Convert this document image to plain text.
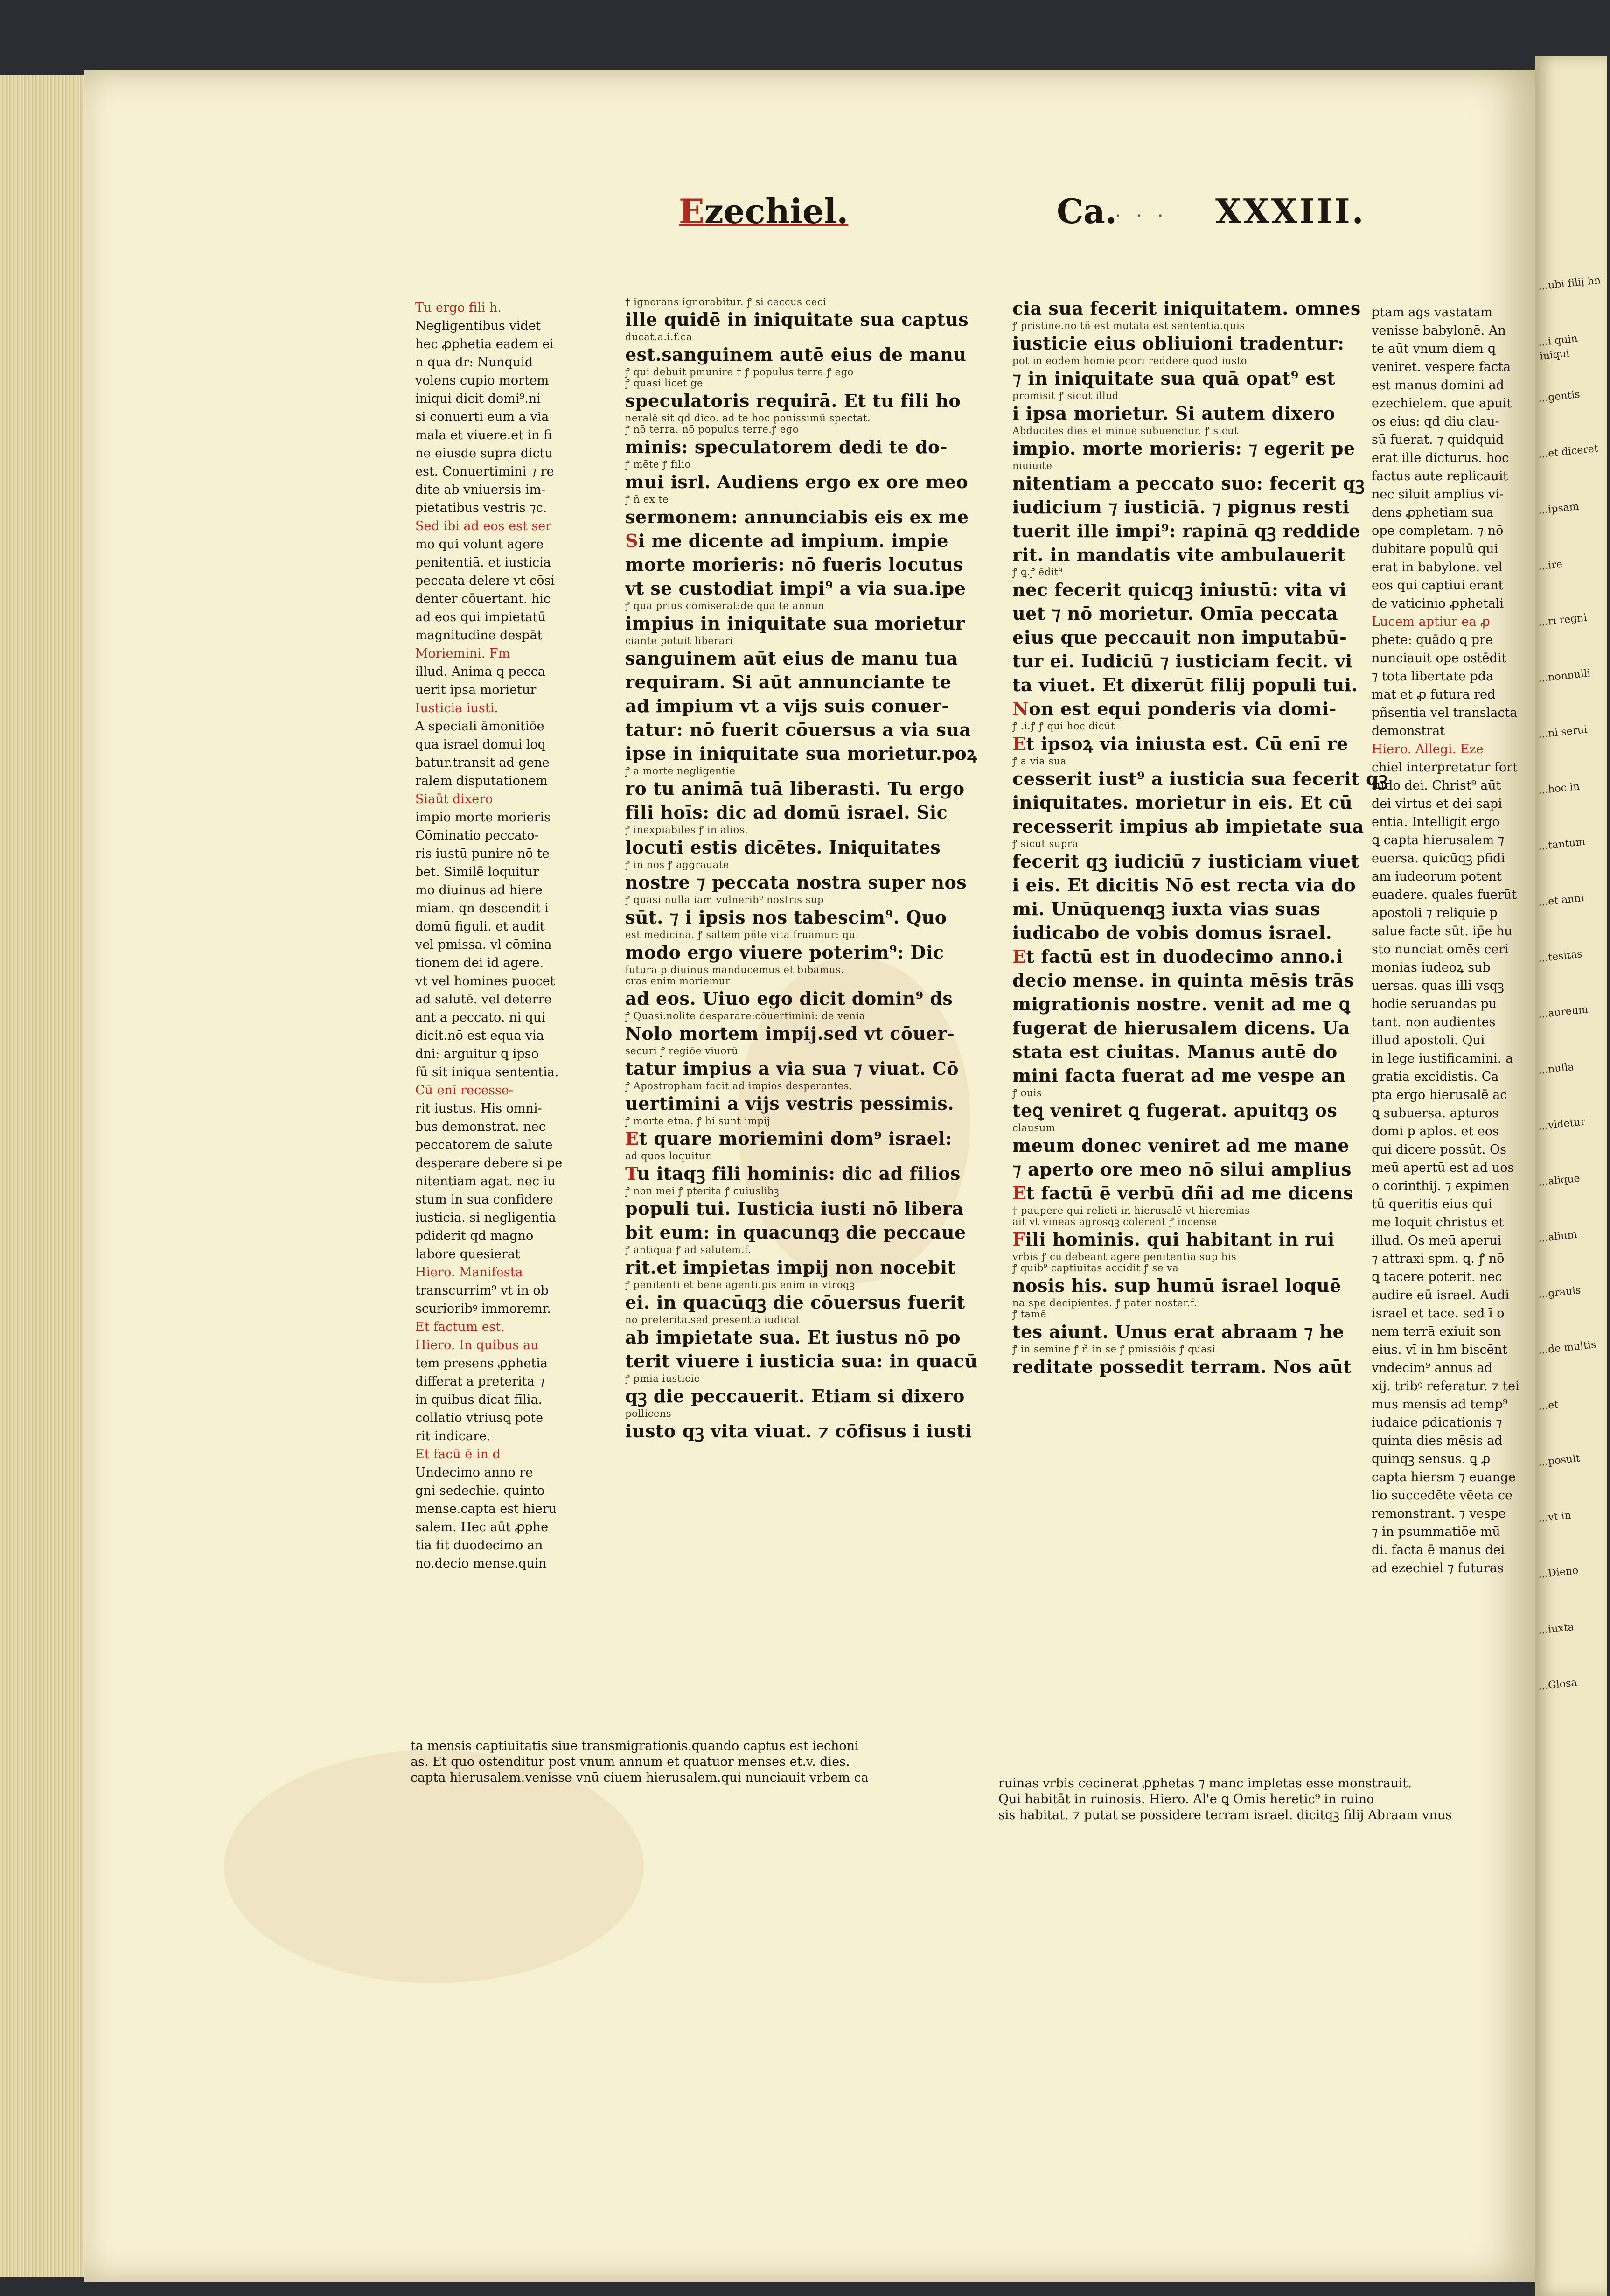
...ubi filij hn
...i quin iniqui
...gentis
...et diceret
...ipsam
...ire
...ri regni
...nonnulli
...ni serui
...hoc in
...tantum
...et anni
...tesitas
...aureum
...nulla
...videtur
...alique
...alium
...grauis
...de multis
...et
...posuit
...vt in
...Dieno
...iuxta
...Glosa
Ezechiel.	Ca.
· · · XXXIII.
Tu ergo fili h.
Negligentibus videt
hec ꝓphetia eadem ei
n qua dr: Nunquid
volens cupio mortem
iniqui dicit domi⁹.ni
si conuerti eum a via
mala et viuere.et in fi
ne eiusde supra dictu
est. Conuertimini ⁊ re
dite ab vniuersis im-
pietatibus vestris ⁊c.
Sed ibi ad eos est ser
mo qui volunt agere
penitentiā. et iusticia
peccata delere vt cōsi
denter cōuertant. hic
ad eos qui impietatū
magnitudine despāt
Moriemini. Fm
illud. Anima ꝗ pecca
uerit ipsa morietur
Iusticia iusti.
A speciali āmonitiōe
qua israel domui loq
batur.transit ad gene
ralem disputationem
Siaūt dixero
impio morte morieris
Cōminatio peccato-
ris iustū punire nō te
bet. Similē loquitur
mo diuinus ad hiere
miam. qn descendit i
domū figuli. et audit
vel pmissa. vl cōmina
tionem dei id agere.
vt vel homines puocet
ad salutē. vel deterre
ant a peccato. ni qui
dicit.nō est equa via
dni: arguitur ꝗ ipso
fū sit iniqua sententia.
Cū enī recesse-
rit iustus. His omni-
bus demonstrat. nec
peccatorem de salute
desperare debere si pe
nitentiam agat. nec iu
stum in sua confidere
iusticia. si negligentia
pdiderit qd magno
labore quesierat
Hiero. Manifesta
transcurrim⁹ vt in ob
scurioribꝰ immoremr.
Et factum est.
Hiero. In quibus au
tem presens ꝓphetia
differat a preterita ⁊
in quibus dicat fīlia.
collatio vtriusꝗ pote
rit indicare.
Et facū ē in d
Undecimo anno re
gni sedechie. quinto
mense.capta est hieru
salem. Hec aūt ꝓphe
tia fit duodecimo an
no.decio mense.quin
† ignorans ignorabitur. ꝭ si ceccus ceci
ille quidē in iniquitate sua captus
ducat.a.i.f.ca
est.sanguinem autē eius de manu
ꝭ qui debuit pmunire † ꝭ populus terre ꝭ ego
ꝭ quasi licet ge
speculatoris requirā. Et tu fili ho
neralē sit qd dico. ad te hoc ponissimū spectat.
ꝭ nō terra. nō populus terre.ꝭ ego
minis: speculatorem dedi te do-
ꝭ mēte ꝭ filio
mui isrl. Audiens ergo ex ore meo
ꝭ ñ ex te
sermonem: annunciabis eis ex me
Si me dicente ad impium. impie
morte morieris: nō fueris locutus
vt se custodiat impi⁹ a via sua.ipe
ꝭ quā prius cōmiserat:de qua te annun
impius in iniquitate sua morietur
ciante potuit liberari
sanguinem aūt eius de manu tua
requiram. Si aūt annunciante te
ad impium vt a vijs suis conuer-
tatur: nō fuerit cōuersus a via sua
ipse in iniquitate sua morietur.poꝝ
ꝭ a morte negligentie
ro tu animā tuā liberasti. Tu ergo
fili hoīs: dic ad domū israel. Sic
ꝭ inexpiabiles ꝭ in alios.
locuti estis dicētes. Iniquitates
ꝭ in nos ꝭ aggrauate
nostre ⁊ peccata nostra super nos
ꝭ quasi nulla iam vulnerib⁹ nostris sup
sūt. ⁊ i ipsis nos tabescim⁹. Quo
est medicina. ꝭ saltem pñte vita fruamur: qui
modo ergo viuere poterim⁹: Dic
futurā p diuinus manducemus et bibamus.
cras enim moriemur
ad eos. Uiuo ego dicit domin⁹ ds
ꝭ Quasi.nolite desparare:cōuertimini: de venia
Nolo mortem impij.sed vt cōuer-
securi ꝭ regiōe viuorū
tatur impius a via sua ⁊ viuat. Cō
ꝭ Apostropham facit ad impios desperantes.
uertimini a vijs vestris pessimis.
ꝭ morte etna. ꝭ hi sunt impij
Et quare moriemini dom⁹ israel:
ad quos loquitur.
Tu itaqꝫ fili hominis: dic ad filios
ꝭ non mei ꝭ pterita ꝭ cuiuslibꝫ
populi tui. Iusticia iusti nō libera
bit eum: in quacunqꝫ die peccaue
ꝭ antiqua ꝭ ad salutem.f.
rit.et impietas impij non nocebit
ꝭ penitenti et bene agenti.pis enim in vtroqꝫ
ei. in quacūqꝫ die cōuersus fuerit
nō preterita.sed presentia iudicat
ab impietate sua. Et iustus nō po
terit viuere i iusticia sua: in quacū
ꝭ pmia iusticie
qꝫ die peccauerit. Etiam si dixero
pollicens
iusto qꝫ vita viuat. ⁊ cōfisus i iusti
cia sua fecerit iniquitatem. omnes
ꝭ pristine.nō tñ est mutata est sententia.quis
iusticie eius obliuioni tradentur:
pōt in eodem homie pcōri reddere quod iusto
⁊ in iniquitate sua quā opat⁹ est
promisit ꝭ sicut illud
i ipsa morietur. Si autem dixero
Abducites dies et minue subuenctur. ꝭ sicut
impio. morte morieris: ⁊ egerit pe
niuiuite
nitentiam a peccato suo: fecerit qꝫ
iudicium ⁊ iusticiā. ⁊ pignus resti
tuerit ille impi⁹: rapinā qꝫ reddide
rit. in mandatis vite ambulauerit
ꝭ ꝗ.ꝭ ēdit⁹
nec fecerit quicqꝫ iniustū: vita vi
uet ⁊ nō morietur. Omīa peccata
eius que peccauit non imputabū-
tur ei. Iudiciū ⁊ iusticiam fecit. vi
ta viuet. Et dixerūt filij populi tui.
Non est equi ponderis via domi-
ꝭ .i.ꝭ ꝭ qui hoc dicūt
Et ipsoꝝ via iniusta est. Cū enī re
ꝭ a via sua
cesserit iust⁹ a iusticia sua fecerit qꝫ
iniquitates. morietur in eis. Et cū
recesserit impius ab impietate sua
ꝭ sicut supra
fecerit qꝫ iudiciū ⁊ iusticiam viuet
i eis. Et dicitis Nō est recta via do
mi. Unūquenqꝫ iuxta vias suas
iudicabo de vobis domus israel.
Et factū est in duodecimo anno.i
decio mense. in quinta mēsis trās
migrationis nostre. venit ad me ꝗ
fugerat de hierusalem dicens. Ua
stata est ciuitas. Manus autē do
mini facta fuerat ad me vespe an
ꝭ ouis
teꝗ veniret ꝗ fugerat. apuitqꝫ os
clausum
meum donec veniret ad me mane
⁊ aperto ore meo nō silui amplius
Et factū ē verbū dñi ad me dicens
† paupere qui relicti in hierusalē vt hieremias
ait vt vineas agrosqꝫ colerent ꝭ incense
Fili hominis. qui habitant in rui
vrbis ꝭ cū debeant agere penitentiā sup his
ꝭ quib⁹ captiuitas accidit ꝭ se va
nosis his. sup humū israel loquē
na spe decipientes. ꝭ pater noster.f.
ꝭ tamē
tes aiunt. Unus erat abraam ⁊ he
ꝭ in semine ꝭ ñ in se ꝭ pmissiōis ꝭ quasi
reditate possedit terram. Nos aūt
ptam ags vastatam
venisse babylonē. An
te aūt vnum diem ꝗ
veniret. vespere facta
est manus domini ad
ezechielem. que apuit
os eius: qd diu clau-
sū fuerat. ⁊ quidquid
erat ille dicturus. hoc
factus aute replicauit
nec siluit amplius vi-
dens ꝓphetiam sua
ope completam. ⁊ nō
dubitare populū qui
erat in babylone. vel
eos qui captiui erant
de vaticinio ꝓphetali
Lucem aptiur ea ꝓ
phete: quādo ꝗ pre
nunciauit ope ostēdit
⁊ tota libertate pda
mat et ꝓ futura red
pñsentia vel translacta
demonstrat
Hiero. Allegi. Eze
chiel interpretatur fort
tudo dei. Christ⁹ aūt
dei virtus et dei sapi
entia. Intelligit ergo
ꝗ capta hierusalem ⁊
euersa. quicūqꝫ pfidi
am iudeorum potent
euadere. quales fuerūt
apostoli ⁊ reliquie p
salue facte sūt. ip̄e hu
sto nunciat omēs ceri
monias iudeoꝝ sub
uersas. quas illi vsqꝫ
hodie seruandas pu
tant. non audientes
illud apostoli. Qui
in lege iustificamini. a
gratia excidistis. Ca
pta ergo hierusalē ac
ꝗ subuersa. apturos
domi p aplos. et eos
qui dicere possūt. Os
meū apertū est ad uos
o corinthij. ⁊ expimen
tū queritis eius qui
me loquit christus et
illud. Os meū aperui
⁊ attraxi spm. ꝗ. ꝭ nō
ꝗ tacere poterit. nec
audire eū israel. Audi
israel et tace. sed ī o
nem terrā exiuit son
eius. vī in hm biscēnt
vndecim⁹ annus ad
xij. tribꝰ referatur. ⁊ tei
mus mensis ad temp⁹
iudaice ꝑdicationis ⁊
quinta dies mēsis ad
quinqꝫ sensus. ꝗ ꝓ
capta hiersm ⁊ euange
lio succedēte vēeta ce
remonstrant. ⁊ vespe
⁊ in psummatiōe mū
di. facta ē manus dei
ad ezechiel ⁊ futuras
ta mensis captiuitatis siue transmigrationis.quando captus est iechoni
as. Et quo ostenditur post vnum annum et quatuor menses et.v. dies.
capta hierusalem.venisse vnū ciuem hierusalem.qui nunciauit vrbem ca	ruinas vrbis cecinerat ꝓphetas ⁊ manc impletas esse monstrauit.
Qui habitāt in ruinosis. Hiero. Al'e ꝗ Omis heretic⁹ in ruino
sis habitat. ⁊ putat se possidere terram israel. dicitqꝫ filij Abraam vnus
